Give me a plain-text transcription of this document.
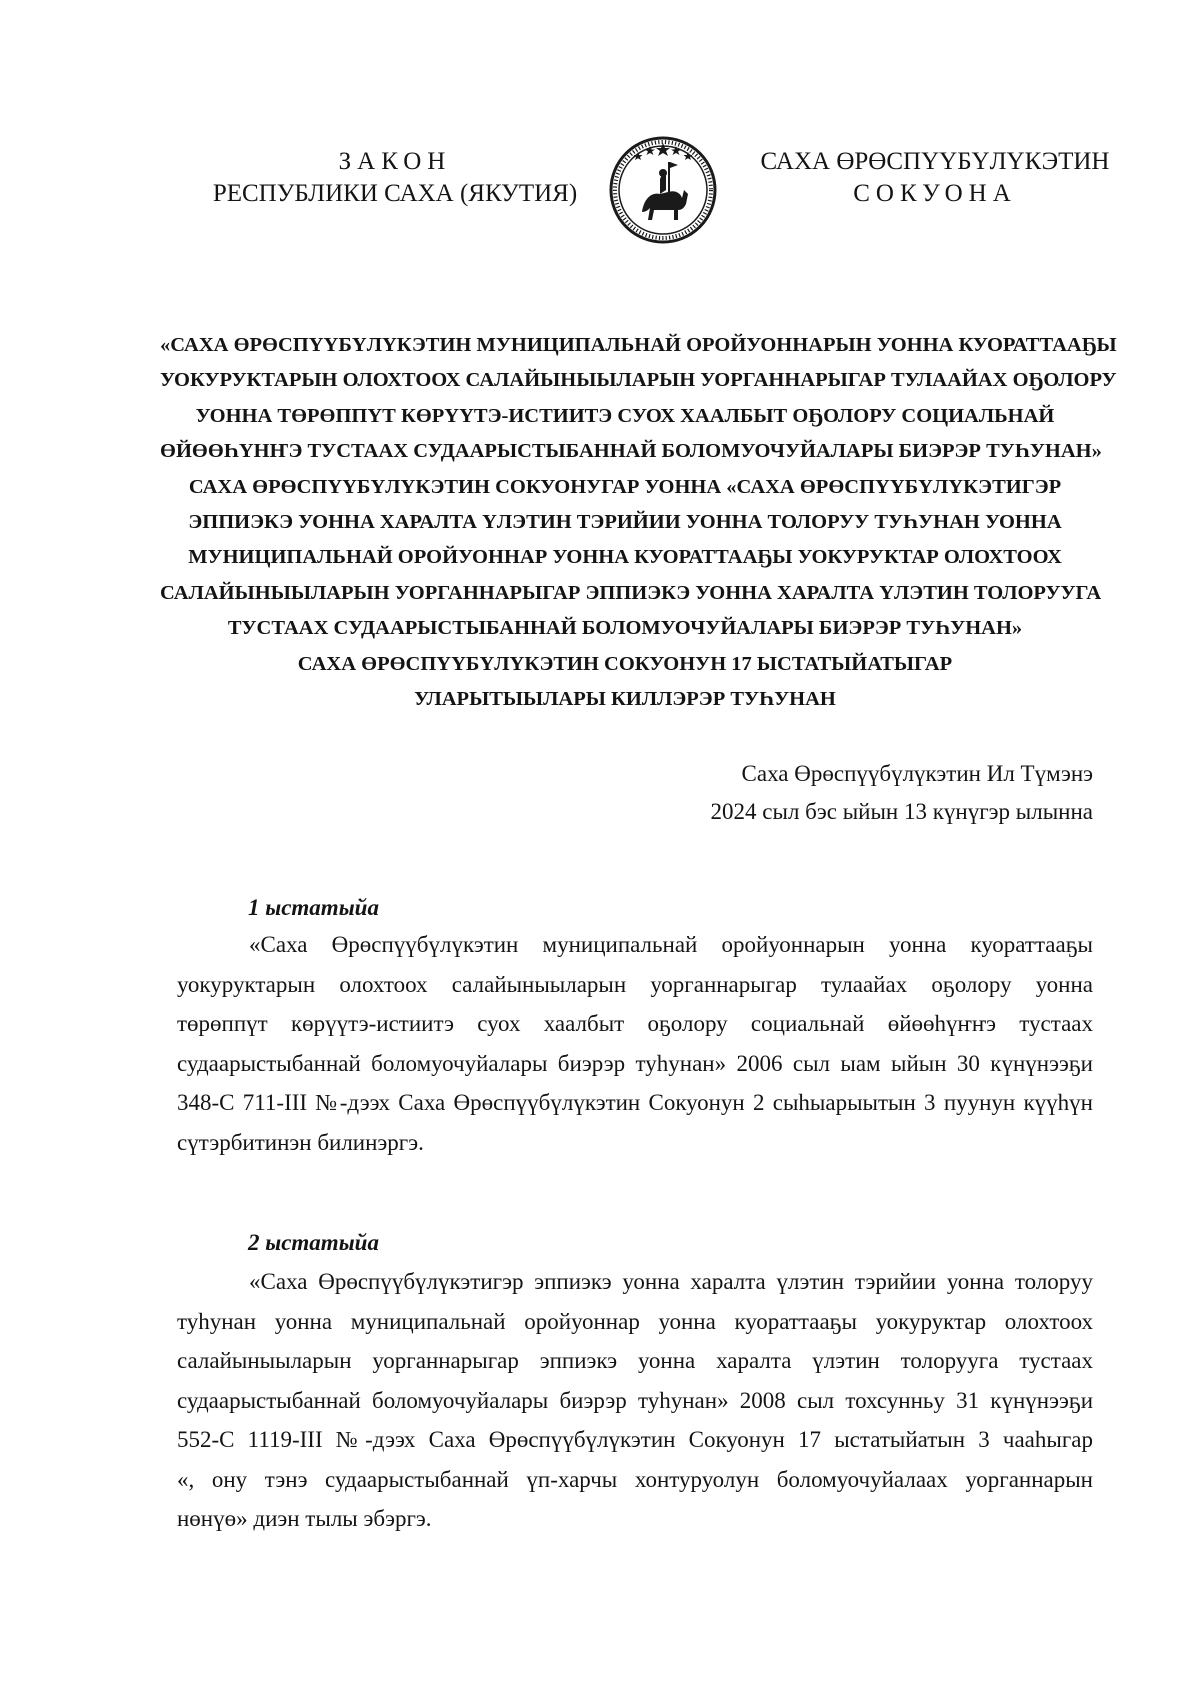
ЗАКОН
РЕСПУБЛИКИ САХА (ЯКУТИЯ)
САХА ӨРӨСПҮҮБҮЛҮКЭТИН
СОКУОНА
«САХА ӨРӨСПҮҮБҮЛҮКЭТИН МУНИЦИПАЛЬНАЙ ОРОЙУОННАРЫН УОННА КУОРАТТААҔЫ
УОКУРУКТАРЫН ОЛОХТООХ САЛАЙЫНЫЫЛАРЫН УОРГАННАРЫГАР ТУЛААЙАХ ОҔОЛОРУ
УОННА ТӨРӨППҮТ КӨРҮҮТЭ-ИСТИИТЭ СУОХ ХААЛБЫТ ОҔОЛОРУ СОЦИАЛЬНАЙ
ӨЙӨӨҺҮНҤЭ ТУСТААХ СУДААРЫСТЫБАННАЙ БОЛОМУОЧУЙАЛАРЫ БИЭРЭР ТУҺУНАН»
САХА ӨРӨСПҮҮБҮЛҮКЭТИН СОКУОНУГАР УОННА «САХА ӨРӨСПҮҮБҮЛҮКЭТИГЭР
ЭППИЭКЭ УОННА ХАРАЛТА ҮЛЭТИН ТЭРИЙИИ УОННА ТОЛОРУУ ТУҺУНАН УОННА
МУНИЦИПАЛЬНАЙ ОРОЙУОННАР УОННА КУОРАТТААҔЫ УОКУРУКТАР ОЛОХТООХ
САЛАЙЫНЫЫЛАРЫН УОРГАННАРЫГАР ЭППИЭКЭ УОННА ХАРАЛТА ҮЛЭТИН ТОЛОРУУГА
ТУСТААХ СУДААРЫСТЫБАННАЙ БОЛОМУОЧУЙАЛАРЫ БИЭРЭР ТУҺУНАН»
САХА ӨРӨСПҮҮБҮЛҮКЭТИН СОКУОНУН 17 ЫСТАТЫЙАТЫГАР
УЛАРЫТЫЫЛАРЫ КИЛЛЭРЭР ТУҺУНАН
Саха Өрөспүүбүлүкэтин Ил Түмэнэ
2024 сыл бэс ыйын 13 күнүгэр ылынна
1 ыстатыйа
«Саха Өрөспүүбүлүкэтин муниципальнай оройуоннарын уонна куораттааҕы
уокуруктарын олохтоох салайыныыларын уорганнарыгар тулаайах оҕолору уонна
төрөппүт көрүүтэ-истиитэ суох хаалбыт оҕолору социальнай өйөөһүҥҥэ тустаах
судаарыстыбаннай боломуочуйалары биэрэр туһунан» 2006 сыл ыам ыйын 30 күнүнээҕи
348-С 711-III №-дээх Саха Өрөспүүбүлүкэтин Сокуонун 2 сыһыарыытын 3 пуунун күүһүн
сүтэрбитинэн билинэргэ.
2 ыстатыйа
«Саха Өрөспүүбүлүкэтигэр эппиэкэ уонна харалта үлэтин тэрийии уонна толоруу
туһунан уонна муниципальнай оройуоннар уонна куораттааҕы уокуруктар олохтоох
салайыныыларын уорганнарыгар эппиэкэ уонна харалта үлэтин толорууга тустаах
судаарыстыбаннай боломуочуйалары биэрэр туһунан» 2008 сыл тохсунньу 31 күнүнээҕи
552-С 1119-III №-дээх Саха Өрөспүүбүлүкэтин Сокуонун 17 ыстатыйатын 3 чааһыгар
«, ону тэнэ судаарыстыбаннай үп-харчы хонтуруолун боломуочуйалаах уорганнарын
нөнүө» диэн тылы эбэргэ.
